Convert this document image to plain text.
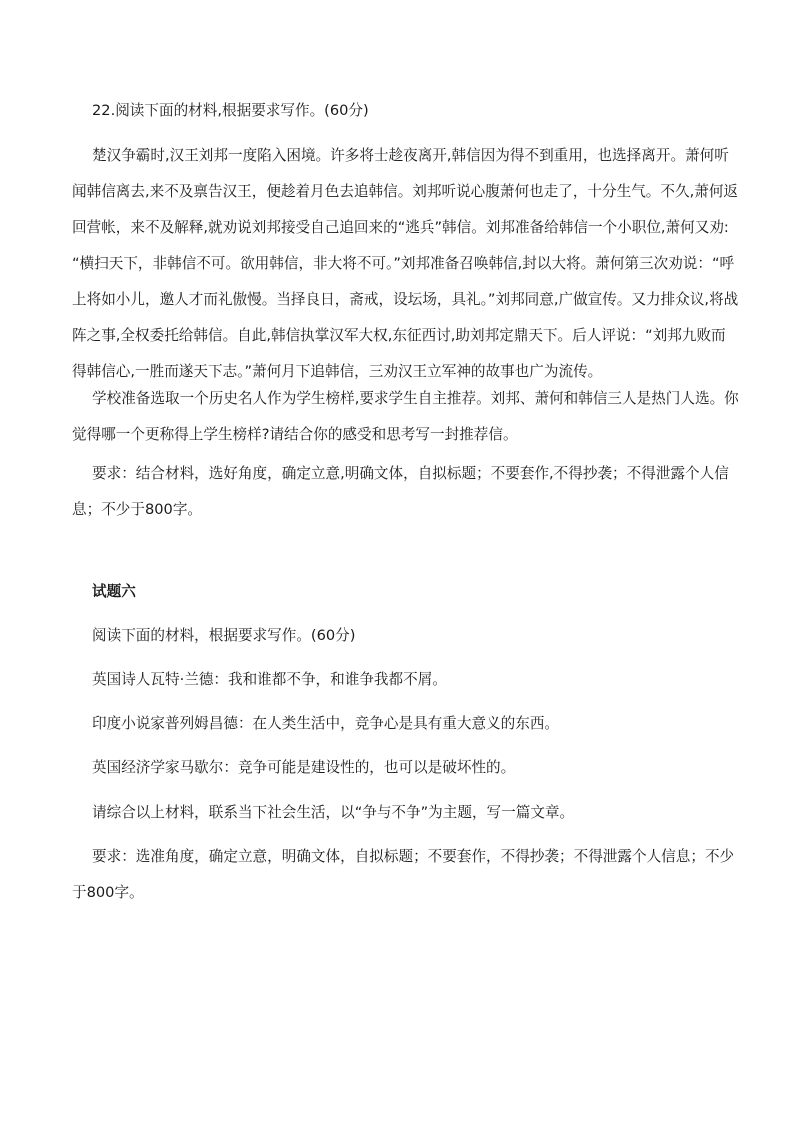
22.阅读下面的材料,根据要求写作。(60分)
楚汉争霸时,汉王刘邦一度陷入困境。许多将士趁夜离开,韩信因为得不到重用，也选择离开。萧何听
闻韩信离去,来不及禀告汉王，便趁着月色去追韩信。刘邦听说心腹萧何也走了，十分生气。不久,萧何返
回营帐，来不及解释,就劝说刘邦接受自己追回来的“逃兵”韩信。刘邦准备给韩信一个小职位,萧何又劝:
“横扫天下，非韩信不可。欲用韩信，非大将不可。”刘邦准备召唤韩信,封以大将。萧何第三次劝说：“呼
上将如小儿，邀人才而礼傲慢。当择良日，斋戒，设坛场，具礼。”刘邦同意,广做宣传。又力排众议,将战
阵之事,全权委托给韩信。自此,韩信执掌汉军大权,东征西讨,助刘邦定鼎天下。后人评说：“刘邦九败而
得韩信心,一胜而遂天下志。”萧何月下追韩信，三劝汉王立军神的故事也广为流传。
学校准备选取一个历史名人作为学生榜样,要求学生自主推荐。刘邦、萧何和韩信三人是热门人选。你
觉得哪一个更称得上学生榜样?请结合你的感受和思考写一封推荐信。
要求：结合材料，选好角度，确定立意,明确文体，自拟标题；不要套作,不得抄袭；不得泄露个人信
息；不少于800字。
试题六
阅读下面的材料，根据要求写作。(60分)
英国诗人瓦特·兰德：我和谁都不争，和谁争我都不屑。
印度小说家普列姆昌德：在人类生活中，竞争心是具有重大意义的东西。
英国经济学家马歇尔：竞争可能是建设性的，也可以是破坏性的。
请综合以上材料，联系当下社会生活，以“争与不争”为主题，写一篇文章。
要求：选准角度，确定立意，明确文体，自拟标题；不要套作，不得抄袭；不得泄露个人信息；不少
于800字。
